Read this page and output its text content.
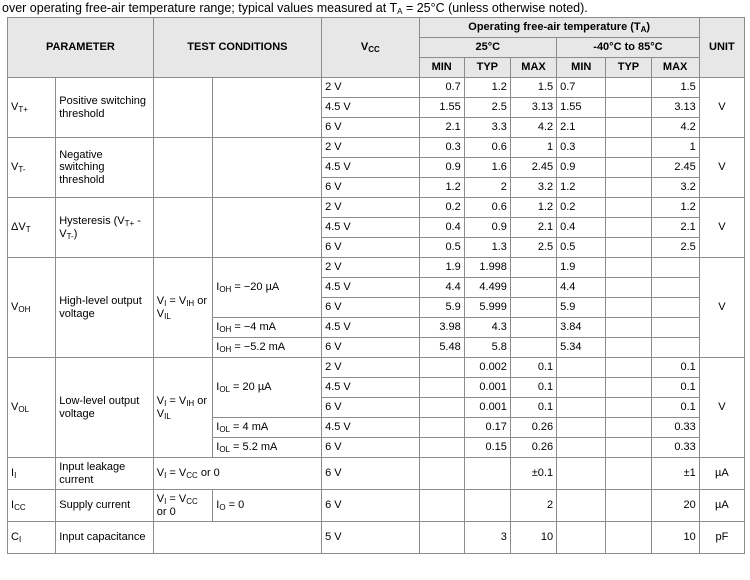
over operating free-air temperature range; typical values measured at $T_A = 25^\circ C$ (unless otherwise noted).
PARAMETER		TEST CONDITIONS		$V_{CC}$	Operating free-air temperature $(T_A)$						UNIT
					25°C			-40°C to 85°C			
					MIN	TYP	MAX	MIN	TYP	MAX	
$V_{T+}$	Positive switching threshold			2 V	0.7	1.2	1.5	0.7		1.5	V
				4.5 V	1.55	2.5	3.13	1.55		3.13	
				6 V	2.1	3.3	4.2	2.1		4.2	
$V_{T-}$	Negative switching threshold			2 V	0.3	0.6	1	0.3		1	V
				4.5 V	0.9	1.6	2.45	0.9		2.45	
				6 V	1.2	2	3.2	1.2		3.2	
$\Delta V_T$	Hysteresis $(V_{T+} - V_{T-})$			2 V	0.2	0.6	1.2	0.2		1.2	V
				4.5 V	0.4	0.9	2.1	0.4		2.1	
				6 V	0.5	1.3	2.5	0.5		2.5	
$V_{OH}$	High-level output voltage	$V_I = V_{IH}$ or $V_{IL}$	$I_{OH} = -20$ µA	2 V	1.9	1.998		1.9			V
				4.5 V	4.4	4.499		4.4			
				6 V	5.9	5.999		5.9			
			$I_{OH} = -4$ mA	4.5 V	3.98	4.3		3.84			
			$I_{OH} = -5.2$ mA	6 V	5.48	5.8		5.34			
$V_{OL}$	Low-level output voltage	$V_I = V_{IH}$ or $V_{IL}$	$I_{OL} = 20$ µA	2 V		0.002	0.1			0.1	V
				4.5 V		0.001	0.1			0.1	
				6 V		0.001	0.1			0.1	
			$I_{OL} = 4$ mA	4.5 V		0.17	0.26			0.33	
			$I_{OL} = 5.2$ mA	6 V		0.15	0.26			0.33	
$I_I$	Input leakage current	$V_I = V_{CC}$ or 0		6 V			±0.1			±1	µA
$I_{CC}$	Supply current	$V_I = V_{CC}$ or 0	$I_O = 0$	6 V			2			20	µA
$C_I$	Input capacitance			5 V		3	10			10	pF
